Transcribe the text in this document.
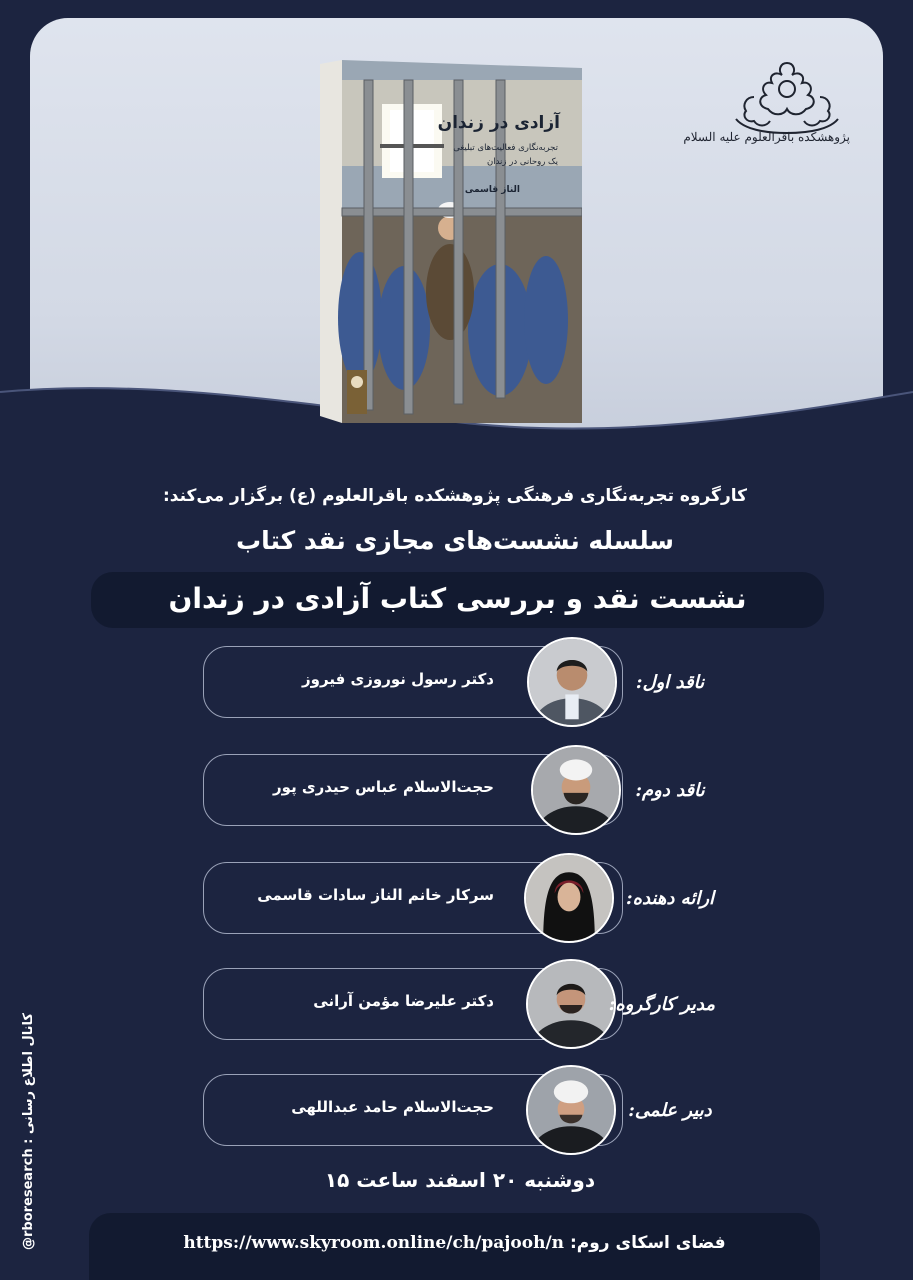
آزادی در زندان
تجربه‌نگاری فعالیت‌های تبلیغی
یک روحانی در زندان
الناز قاسمی
پژوهشکده باقرالعلوم علیه السلام
کارگروه تجربه‌نگاری فرهنگی پژوهشکده باقرالعلوم (ع) برگزار می‌کند:
سلسله نشست‌های مجازی نقد کتاب
نشست نقد و بررسی کتاب آزادی در زندان
دکتر رسول نوروزی فیروز	ناقد اول:
حجت‌الاسلام عباس حیدری پور	ناقد دوم:
سرکار خانم الناز سادات قاسمی	ارائه دهنده:
دکتر علیرضا مؤمن آرانی	مدیر کارگروه:
حجت‌الاسلام حامد عبداللهی	دبیر علمی:
دوشنبه ۲۰ اسفند ساعت ۱۵
فضای اسکای روم: https://www.skyroom.online/ch/pajooh/n
کانال اطلاع رسانی : rboresearch@
